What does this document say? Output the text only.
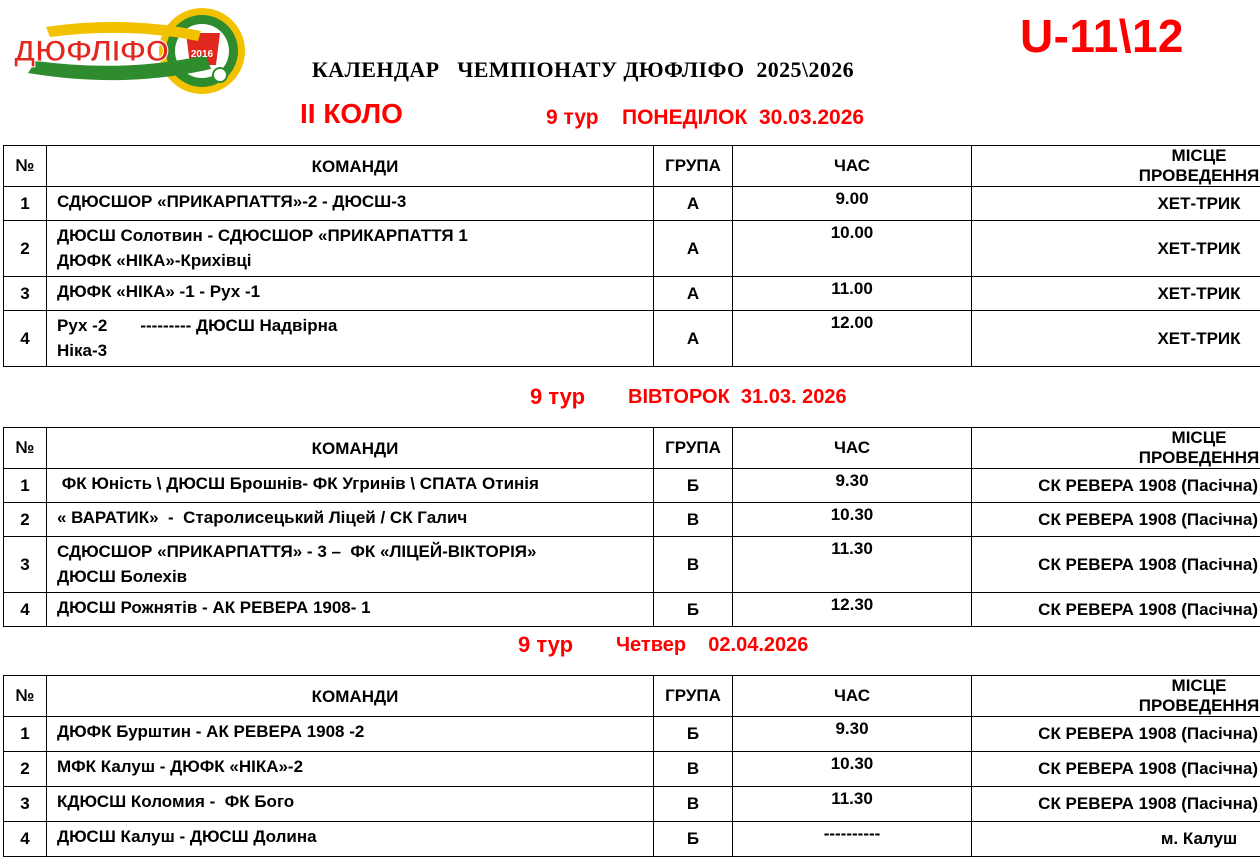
ДЮФЛІФО 2016

КАЛЕНДАР   ЧЕМПІОНАТУ ДЮФЛІФО  2025\2026

U-11\12

ІІ КОЛО	9 тур ПОНЕДІЛОК  30.03.2026
№	КОМАНДИ	ГРУПА	ЧАС	МІСЦЕ ПРОВЕДЕННЯ
1	СДЮСШОР «ПРИКАРПАТТЯ»-2 - ДЮСШ-3	А	9.00	ХЕТ-ТРИК
2	ДЮСШ Солотвин - СДЮСШОР «ПРИКАРПАТТЯ 1
ДЮФК «НІКА»-Крихівці	А	10.00	ХЕТ-ТРИК
3	ДЮФК «НІКА» -1 - Рух -1	А	11.00	ХЕТ-ТРИК
4	Рух -2       --------- ДЮСШ Надвірна
Ніка-3	А	12.00	ХЕТ-ТРИК
9 тур ВІВТОРОК  31.03. 2026
№	КОМАНДИ	ГРУПА	ЧАС	МІСЦЕ ПРОВЕДЕННЯ
1	ФК Юність \ ДЮСШ Брошнів- ФК Угринів \ СПАТА Отинія	Б	9.30	СК РЕВЕРА 1908 (Пасічна)
2	« ВАРАТИК»  -  Старолисецький Ліцей / СК Галич	В	10.30	СК РЕВЕРА 1908 (Пасічна)
3	СДЮСШОР «ПРИКАРПАТТЯ» - 3 –  ФК «ЛІЦЕЙ-ВІКТОРІЯ»
ДЮСШ Болехів	В	11.30	СК РЕВЕРА 1908 (Пасічна)
4	ДЮСШ Рожнятів - АК РЕВЕРА 1908- 1	Б	12.30	СК РЕВЕРА 1908 (Пасічна)
9 тур Четвер    02.04.2026
№	КОМАНДИ	ГРУПА	ЧАС	МІСЦЕ ПРОВЕДЕННЯ
1	ДЮФК Бурштин - АК РЕВЕРА 1908 -2	Б	9.30	СК РЕВЕРА 1908 (Пасічна)
2	МФК Калуш - ДЮФК «НІКА»-2	В	10.30	СК РЕВЕРА 1908 (Пасічна)
3	КДЮСШ Коломия -  ФК Бого	В	11.30	СК РЕВЕРА 1908 (Пасічна)
4	ДЮСШ Калуш - ДЮСШ Долина	Б	----------	м. Калуш
